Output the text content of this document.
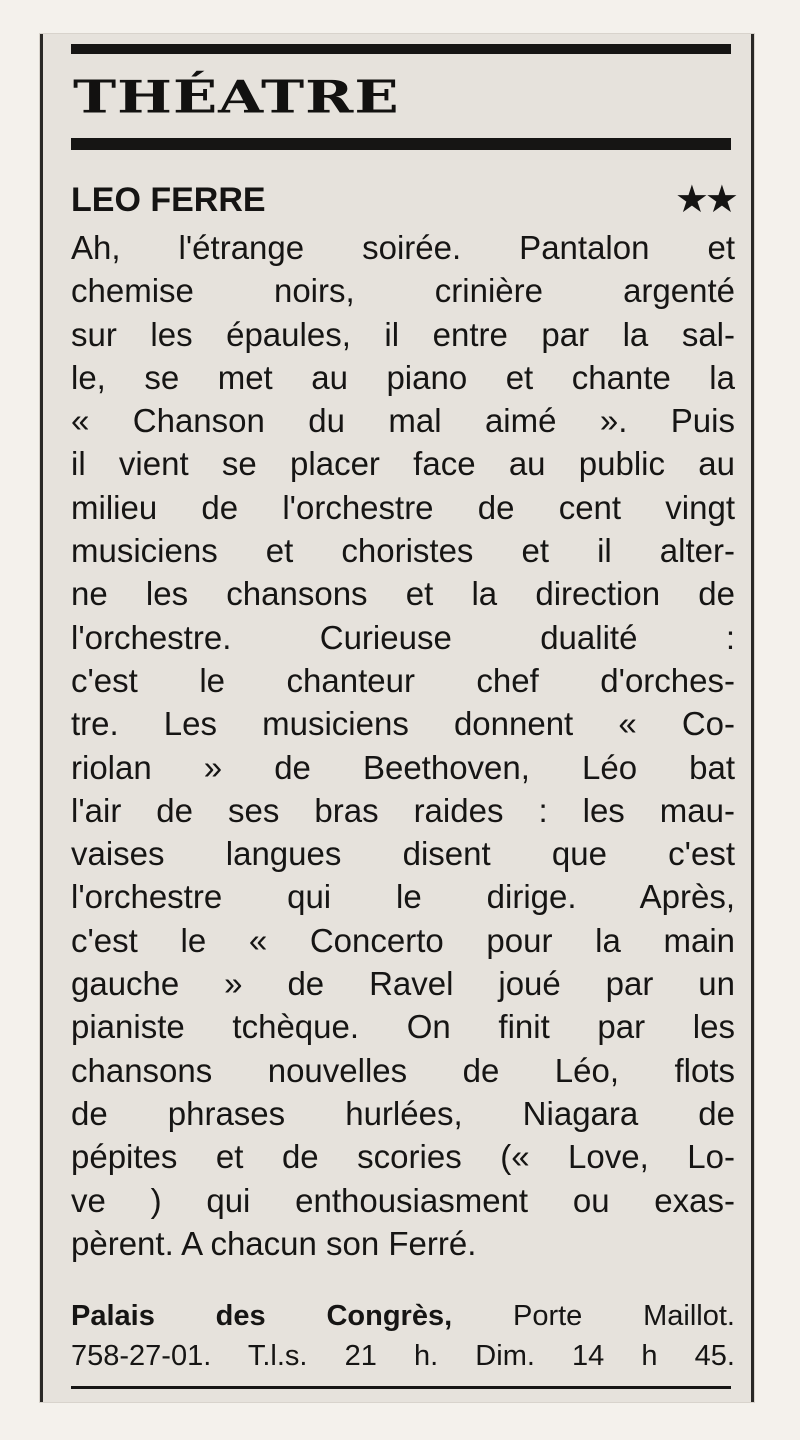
THÉATRE
LEO FERRE	★★
Ah, l'étrange soirée. Pantalon et
chemise noirs, crinière argenté
sur les épaules, il entre par la sal-
le, se met au piano et chante la
« Chanson du mal aimé ». Puis
il vient se placer face au public au
milieu de l'orchestre de cent vingt
musiciens et choristes et il alter-
ne les chansons et la direction de
l'orchestre. Curieuse dualité :
c'est le chanteur chef d'orches-
tre. Les musiciens donnent « Co-
riolan » de Beethoven, Léo bat
l'air de ses bras raides : les mau-
vaises langues disent que c'est
l'orchestre qui le dirige. Après,
c'est le « Concerto pour la main
gauche » de Ravel joué par un
pianiste tchèque. On finit par les
chansons nouvelles de Léo, flots
de phrases hurlées, Niagara de
pépites et de scories (« Love, Lo-
ve ) qui enthousiasment ou exas-
pèrent. A chacun son Ferré.
Palais des Congrès, Porte Maillot.
758-27-01. T.l.s. 21 h. Dim. 14 h 45.
